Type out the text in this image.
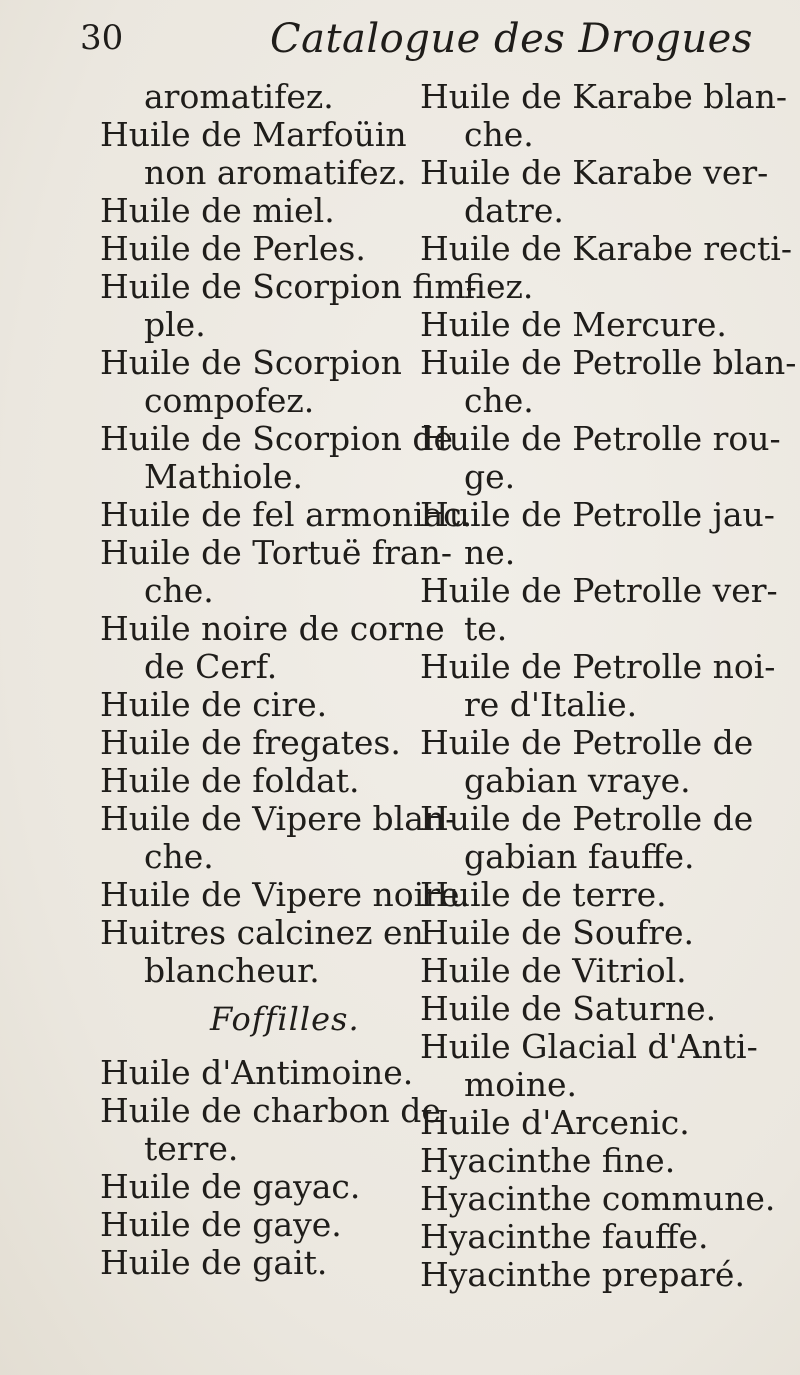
30	Catalogue des Drogues
aromatifez.
Huile de Marfoüin
non aromatifez.
Huile de miel.
Huile de Perles.
Huile de Scorpion fim-
ple.
Huile de Scorpion
compofez.
Huile de Scorpion de
Mathiole.
Huile de fel armoniac.
Huile de Tortuë fran-
che.
Huile noire de corne
de Cerf.
Huile de cire.
Huile de fregates.
Huile de foldat.
Huile de Vipere blan-
che.
Huile de Vipere noire.
Huitres calcinez en
blancheur.
Foffilles.
Huile d'Antimoine.
Huile de charbon de
terre.
Huile de gayac.
Huile de gaye.
Huile de gait.
Huile de Karabe blan-
che.
Huile de Karabe ver-
datre.
Huile de Karabe recti-
fiez.
Huile de Mercure.
Huile de Petrolle blan-
che.
Huile de Petrolle rou-
ge.
Huile de Petrolle jau-
ne.
Huile de Petrolle ver-
te.
Huile de Petrolle noi-
re d'Italie.
Huile de Petrolle de
gabian vraye.
Huile de Petrolle de
gabian fauffe.
Huile de terre.
Huile de Soufre.
Huile de Vitriol.
Huile de Saturne.
Huile Glacial d'Anti-
moine.
Huile d'Arcenic.
Hyacinthe fine.
Hyacinthe commune.
Hyacinthe fauffe.
Hyacinthe preparé.
